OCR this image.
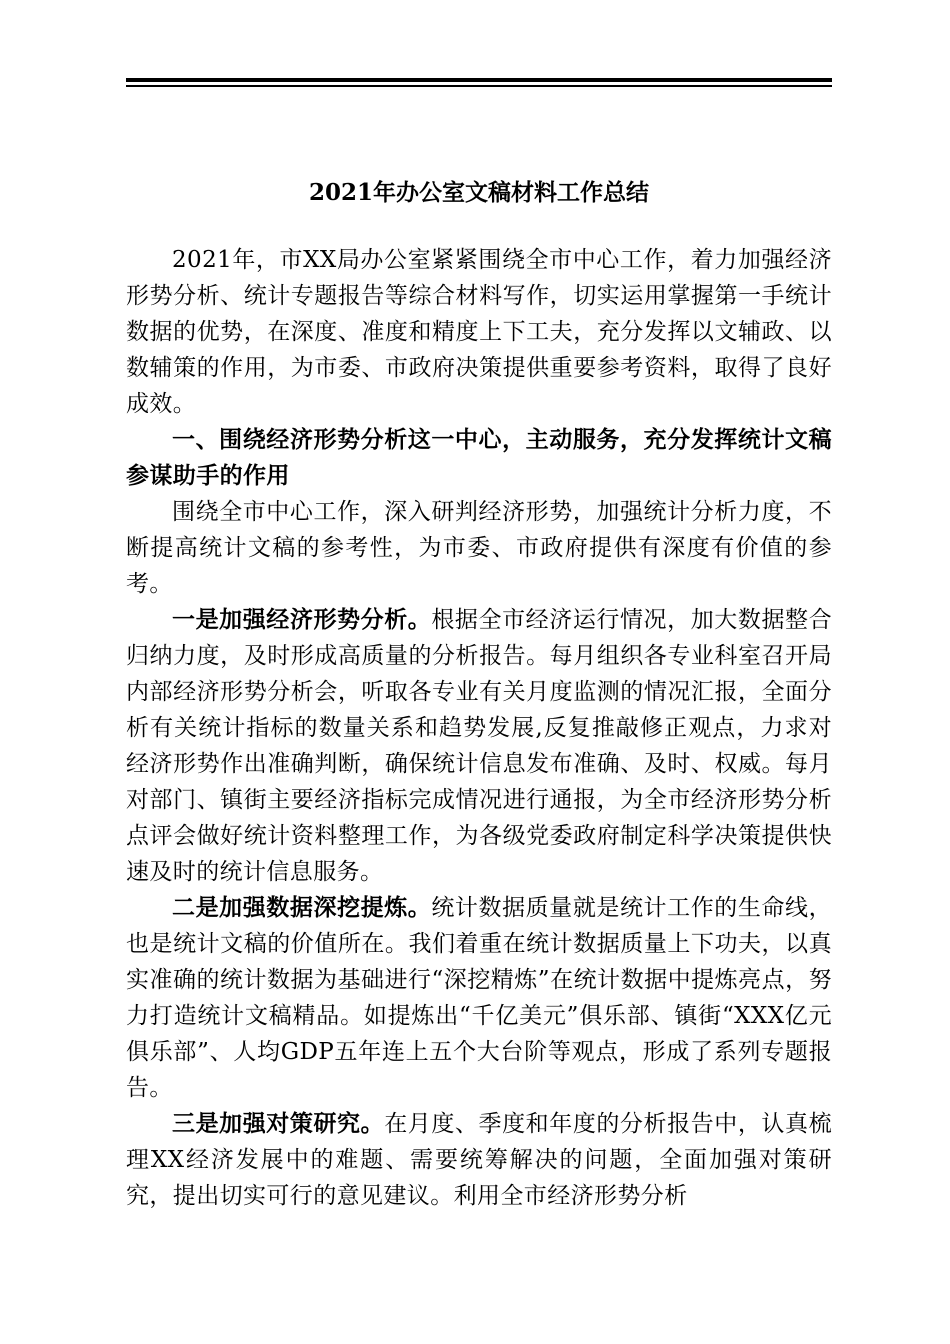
2021年办公室文稿材料工作总结

2021年，市XX局办公室紧紧围绕全市中心工作，着力加强经济形势分析、统计专题报告等综合材料写作，切实运用掌握第一手统计数据的优势，在深度、准度和精度上下工夫，充分发挥以文辅政、以数辅策的作用，为市委、市政府决策提供重要参考资料，取得了良好成效。

一、围绕经济形势分析这一中心，主动服务，充分发挥统计文稿参谋助手的作用

围绕全市中心工作，深入研判经济形势，加强统计分析力度，不断提高统计文稿的参考性，为市委、市政府提供有深度有价值的参考。

一是加强经济形势分析。根据全市经济运行情况，加大数据整合归纳力度，及时形成高质量的分析报告。每月组织各专业科室召开局内部经济形势分析会，听取各专业有关月度监测的情况汇报，全面分析有关统计指标的数量关系和趋势发展,反复推敲修正观点，力求对经济形势作出准确判断，确保统计信息发布准确、及时、权威。每月对部门、镇街主要经济指标完成情况进行通报，为全市经济形势分析点评会做好统计资料整理工作，为各级党委政府制定科学决策提供快速及时的统计信息服务。

二是加强数据深挖提炼。统计数据质量就是统计工作的生命线，也是统计文稿的价值所在。我们着重在统计数据质量上下功夫，以真实准确的统计数据为基础进行“深挖精炼”在统计数据中提炼亮点，努力打造统计文稿精品。如提炼出“千亿美元”俱乐部、镇街“XXX亿元俱乐部”、人均GDP五年连上五个大台阶等观点，形成了系列专题报告。

三是加强对策研究。在月度、季度和年度的分析报告中，认真梳理XX经济发展中的难题、需要统筹解决的问题，全面加强对策研究，提出切实可行的意见建议。利用全市经济形势分析
